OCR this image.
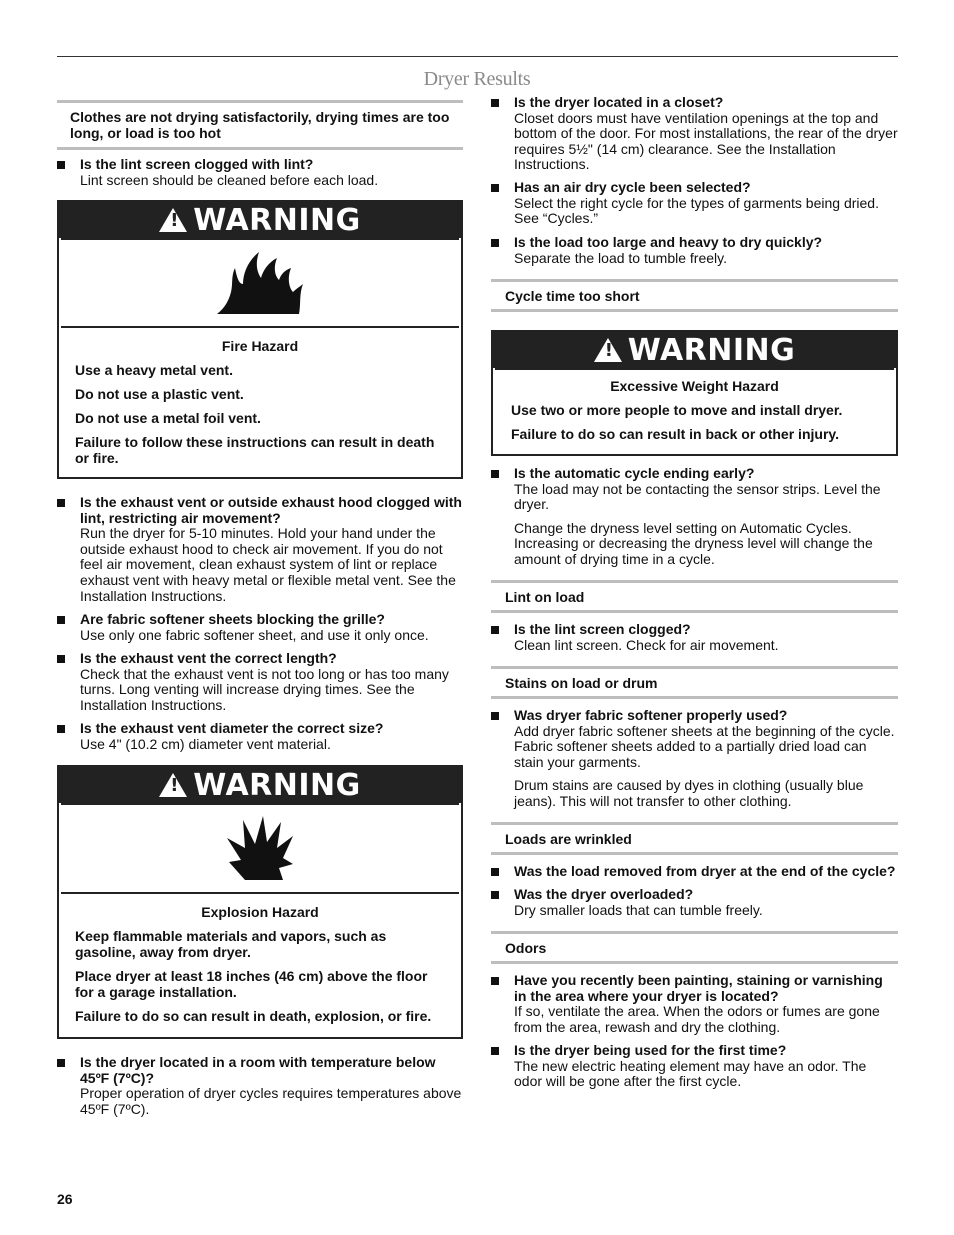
Dryer Results
Clothes are not drying satisfactorily, drying times are too long, or load is too hot
Is the lint screen clogged with lint?
Lint screen should be cleaned before each load.
!
WARNING
Fire Hazard

Use a heavy metal vent.

Do not use a plastic vent.

Do not use a metal foil vent.

Failure to follow these instructions can result in death or fire.

Is the exhaust vent or outside exhaust hood clogged with lint, restricting air movement?
Run the dryer for 5-10 minutes. Hold your hand under the outside exhaust hood to check air movement. If you do not feel air movement, clean exhaust system of lint or replace exhaust vent with heavy metal or flexible metal vent. See the Installation Instructions.
Are fabric softener sheets blocking the grille?
Use only one fabric softener sheet, and use it only once.
Is the exhaust vent the correct length?
Check that the exhaust vent is not too long or has too many turns. Long venting will increase drying times. See the Installation Instructions.
Is the exhaust vent diameter the correct size?
Use 4" (10.2 cm) diameter vent material.
!
WARNING
Explosion Hazard

Keep flammable materials and vapors, such as gasoline, away from dryer.

Place dryer at least 18 inches (46 cm) above the floor for a garage installation.

Failure to do so can result in death, explosion, or fire.

Is the dryer located in a room with temperature below 45ºF (7ºC)?
Proper operation of dryer cycles requires temperatures above 45ºF (7ºC).
Is the dryer located in a closet?
Closet doors must have ventilation openings at the top and bottom of the door. For most installations, the rear of the dryer requires 5½" (14 cm) clearance. See the Installation Instructions.
Has an air dry cycle been selected?
Select the right cycle for the types of garments being dried. See “Cycles.”
Is the load too large and heavy to dry quickly?
Separate the load to tumble freely.
Cycle time too short
!
WARNING
Excessive Weight Hazard

Use two or more people to move and install dryer.

Failure to do so can result in back or other injury.

Is the automatic cycle ending early?
The load may not be contacting the sensor strips. Level the dryer.
Change the dryness level setting on Automatic Cycles. Increasing or decreasing the dryness level will change the amount of drying time in a cycle.
Lint on load
Is the lint screen clogged?
Clean lint screen. Check for air movement.
Stains on load or drum
Was dryer fabric softener properly used?
Add dryer fabric softener sheets at the beginning of the cycle. Fabric softener sheets added to a partially dried load can stain your garments.
Drum stains are caused by dyes in clothing (usually blue jeans). This will not transfer to other clothing.
Loads are wrinkled
Was the load removed from dryer at the end of the cycle?
Was the dryer overloaded?
Dry smaller loads that can tumble freely.
Odors
Have you recently been painting, staining or varnishing in the area where your dryer is located?
If so, ventilate the area. When the odors or fumes are gone from the area, rewash and dry the clothing.
Is the dryer being used for the first time?
The new electric heating element may have an odor. The odor will be gone after the first cycle.
26
